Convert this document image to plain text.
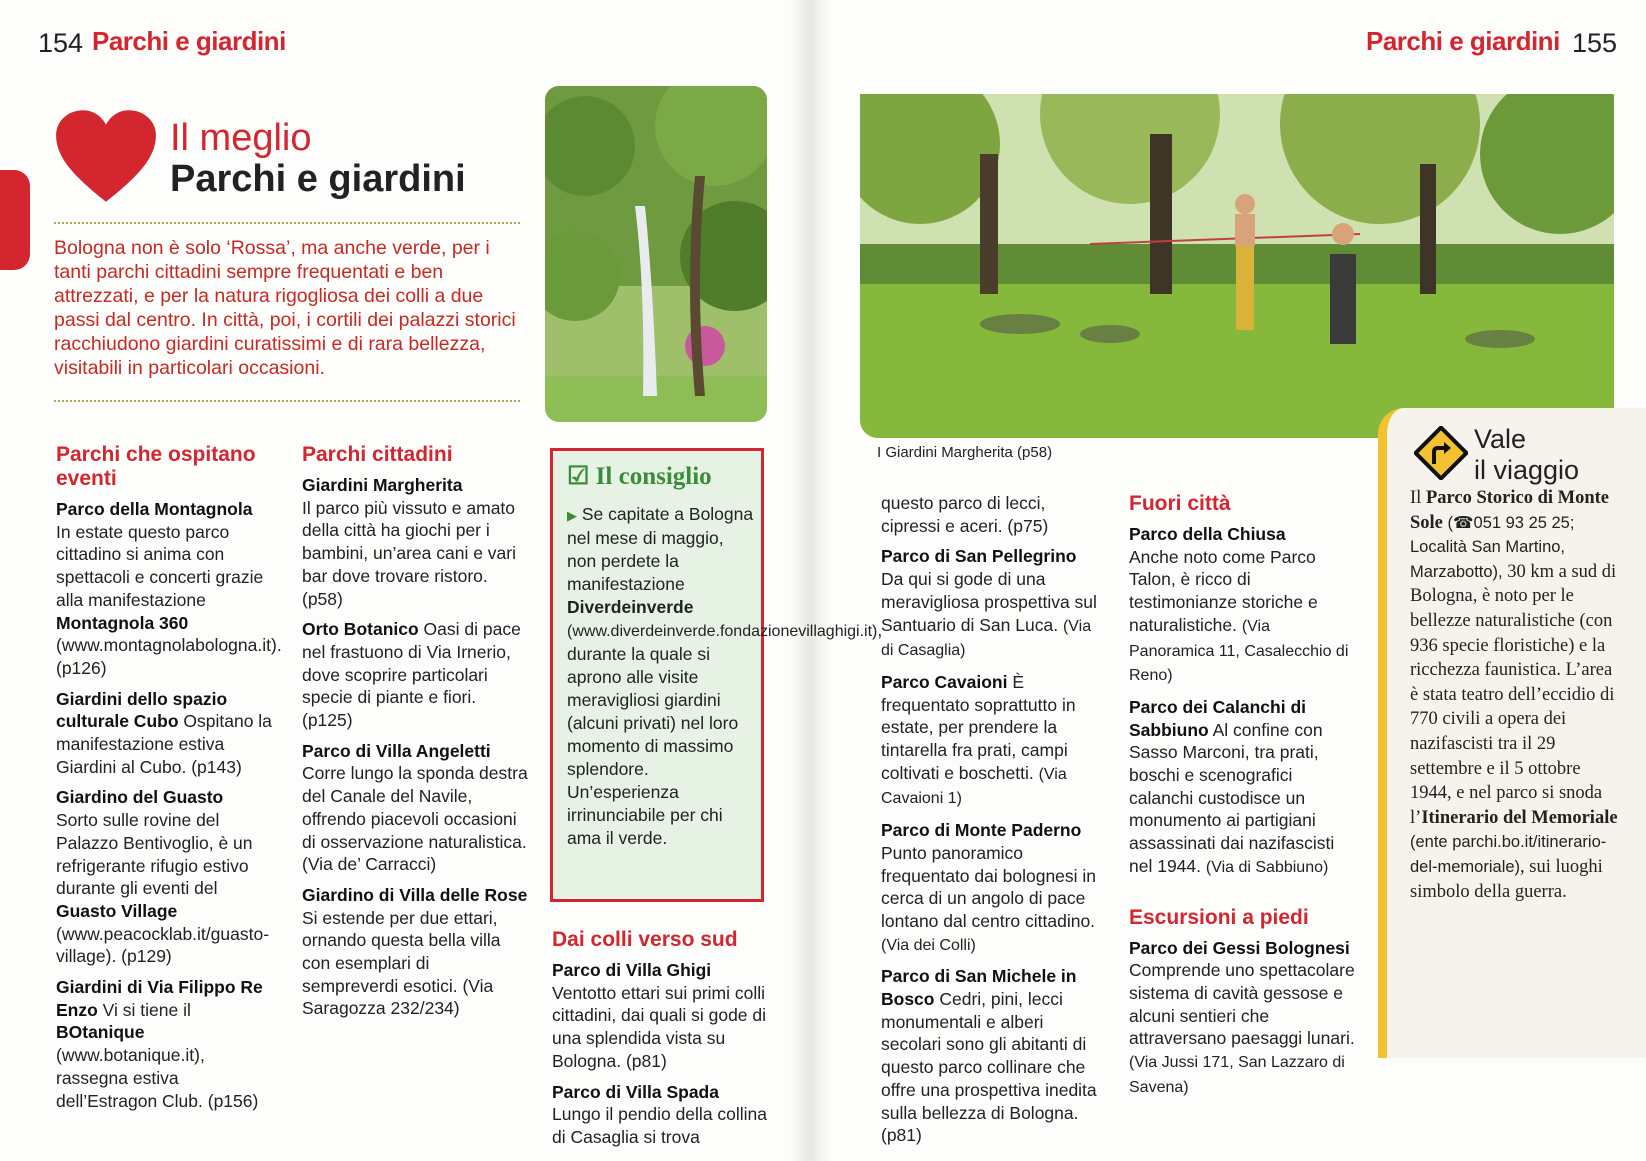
154 Parchi e giardini
Il meglio
Parchi e giardini
Bologna non è solo ‘Rossa’, ma anche verde, per i tanti parchi cittadini sempre frequentati e ben attrezzati, e per la natura rigogliosa dei colli a due passi dal centro. In città, poi, i cortili dei palazzi storici racchiudono giardini curatissimi e di rara bellezza, visitabili in particolari occasioni.
Parchi che ospitano eventi
Parco della Montagnola
In estate questo parco cittadino si anima con spettacoli e concerti grazie alla manifestazione Montagnola 360 (www.montagnolabologna.it). (p126)
Giardini dello spazio culturale Cubo Ospitano la manifestazione estiva Giardini al Cubo. (p143)
Giardino del Guasto
Sorto sulle rovine del Palazzo Bentivoglio, è un refrigerante rifugio estivo durante gli eventi del Guasto Village (www.peacocklab.it/guasto-village). (p129)
Giardini di Via Filippo Re Enzo Vi si tiene il BOtanique (www.botanique.it), rassegna estiva dell’Estragon Club. (p156)
Parchi cittadini
Giardini Margherita
Il parco più vissuto e amato della città ha giochi per i bambini, un’area cani e vari bar dove trovare ristoro. (p58)
Orto Botanico Oasi di pace nel frastuono di Via Irnerio, dove scoprire particolari specie di piante e fiori. (p125)
Parco di Villa Angeletti
Corre lungo la sponda destra del Canale del Navile, offrendo piacevoli occasioni di osservazione naturalistica. (Via de’ Carracci)
Giardino di Villa delle Rose Si estende per due ettari, ornando questa bella villa con esemplari di sempreverdi esotici. (Via Saragozza 232/234)
☑ Il consiglio
▶ Se capitate a Bologna nel mese di maggio, non perdete la manifestazione Diverdeinverde (www.diverdeinverde.fondazionevillaghigi.it), durante la quale si aprono alle visite meravigliosi giardini (alcuni privati) nel loro momento di massimo splendore. Un’esperienza irrinunciabile per chi ama il verde.
Dai colli verso sud
Parco di Villa Ghigi Ventotto ettari sui primi colli cittadini, dai quali si gode di una splendida vista su Bologna. (p81)
Parco di Villa Spada
Lungo il pendio della collina di Casaglia si trova
Parchi e giardini 155
I Giardini Margherita (p58)
questo parco di lecci, cipressi e aceri. (p75)
Parco di San Pellegrino
Da qui si gode di una meravigliosa prospettiva sul Santuario di San Luca. (Via di Casaglia)
Parco Cavaioni È frequentato soprattutto in estate, per prendere la tintarella fra prati, campi coltivati e boschetti. (Via Cavaioni 1)
Parco di Monte Paderno Punto panoramico frequentato dai bolognesi in cerca di un angolo di pace lontano dal centro cittadino. (Via dei Colli)
Parco di San Michele in Bosco Cedri, pini, lecci monumentali e alberi secolari sono gli abitanti di questo parco collinare che offre una prospettiva inedita sulla bellezza di Bologna. (p81)
Fuori città
Parco della Chiusa
Anche noto come Parco Talon, è ricco di testimonianze storiche e naturalistiche. (Via Panoramica 11, Casalecchio di Reno)
Parco dei Calanchi di Sabbiuno Al confine con Sasso Marconi, tra prati, boschi e scenografici calanchi custodisce un monumento ai partigiani assassinati dai nazifascisti nel 1944. (Via di Sabbiuno)
Escursioni a piedi
Parco dei Gessi Bolognesi Comprende uno spettacolare sistema di cavità gessose e alcuni sentieri che attraversano paesaggi lunari. (Via Jussi 171, San Lazzaro di Savena)
Vale
il viaggio
Il Parco Storico di Monte Sole (☎051 93 25 25; Località San Martino, Marzabotto), 30 km a sud di Bologna, è noto per le bellezze naturalistiche (con 936 specie floristiche) e la ricchezza faunistica. L’area è stata teatro dell’eccidio di 770 civili a opera dei nazifascisti tra il 29 settembre e il 5 ottobre 1944, e nel parco si snoda l’Itinerario del Memoriale (ente parchi.bo.it/itinerario-del-memoriale), sui luoghi simbolo della guerra.
